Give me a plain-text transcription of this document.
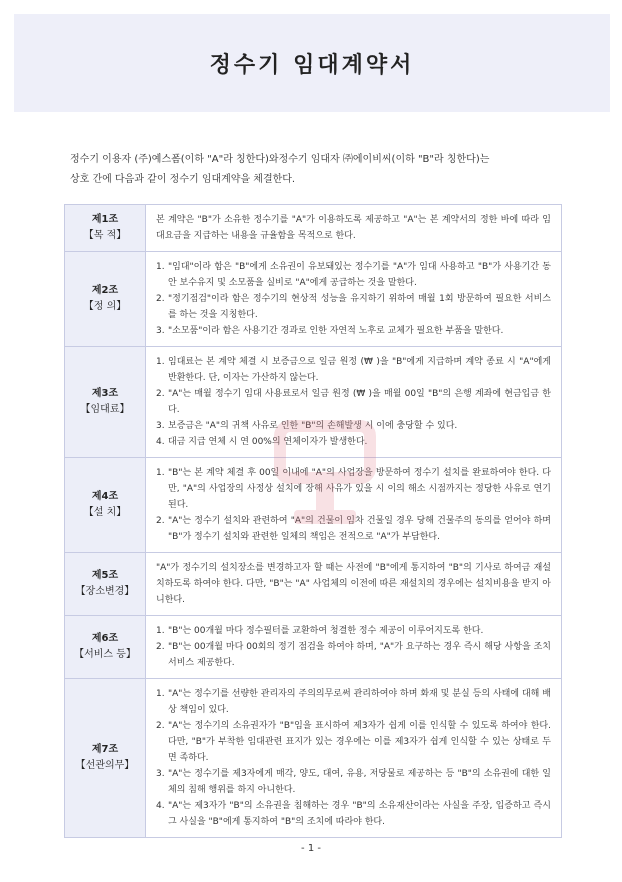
정수기 임대계약서

정수기 이용자 (주)예스폼(이하 "A"라 칭한다)와정수기 임대자 ㈜에이비씨(이하 "B"라 칭한다)는

상호 간에 다음과 같이 정수기 임대계약을 체결한다.

제1조
【목 적】

본 계약은 "B"가 소유한 정수기를 "A"가 이용하도록 제공하고 "A"는 본 계약서의 정한 바에 따라 임대요금을 지급하는 내용을 규율함을 목적으로 한다.

제2조
【정 의】
1. "임대"이라 함은 "B"에게 소유권이 유보돼있는 정수기를 "A"가 임대 사용하고 "B"가 사용기간 동안 보수유지 및 소모품을 실비로 "A"에게 공급하는 것을 말한다.
2. "정기점검"이라 함은 정수기의 현상적 성능을 유지하기 위하여 매월 1회 방문하여 필요한 서비스를 하는 것을 지칭한다.
3. "소모품"이라 함은 사용기간 경과로 인한 자연적 노후로 교체가 필요한 부품을 말한다.
제3조
【임대료】
1. 임대료는 본 계약 체결 시 보증금으로 일금 원정 (₩ )을 "B"에게 지급하며 계약 종료 시 "A"에게 반환한다. 단, 이자는 가산하지 않는다.
2. "A"는 매월 정수기 임대 사용료로서 일금 원정 (₩ )을 매월 00일 "B"의 은행 계좌에 현금입금 한다.
3. 보증금은 "A"의 귀책 사유로 인한 "B"의 손해발생 시 이에 충당할 수 있다.
4. 대금 지급 연체 시 연 00%의 연체이자가 발생한다.
제4조
【설 치】
1. "B"는 본 계약 체결 후 00일 이내에 "A"의 사업장을 방문하여 정수기 설치를 완료하여야 한다. 다만, "A"의 사업장의 사정상 설치에 장해 사유가 있을 시 이의 해소 시점까지는 정당한 사유로 연기된다.
2. "A"는 정수기 설치와 관련하여 "A"의 건물이 임차 건물일 경우 당해 건물주의 동의를 얻어야 하며 "B"가 정수기 설치와 관련한 일체의 책임은 전적으로 "A"가 부담한다.
제5조
【장소변경】

"A"가 정수기의 설치장소를 변경하고자 할 때는 사전에 "B"에게 통지하여 "B"의 기사로 하여금 재설치하도록 하여야 한다. 다만, "B"는 "A" 사업체의 이전에 따른 재설치의 경우에는 설치비용을 받지 아니한다.

제6조
【서비스 등】
1. "B"는 00개월 마다 정수필터를 교환하여 청결한 정수 제공이 이루어지도록 한다.
2. "B"는 00개월 마다 00회의 정기 점검을 하여야 하며, "A"가 요구하는 경우 즉시 해당 사항을 조치 서비스 제공한다.
제7조
【선관의무】
1. "A"는 정수기를 선량한 관리자의 주의의무로써 관리하여야 하며 화재 및 분실 등의 사태에 대해 배상 책임이 있다.
2. "A"는 정수기의 소유권자가 "B"임을 표시하여 제3자가 쉽게 이를 인식할 수 있도록 하여야 한다. 다만, "B"가 부착한 임대관련 표지가 있는 경우에는 이를 제3자가 쉽게 인식할 수 있는 상태로 두면 족하다.
3. "A"는 정수기를 제3자에게 매각, 양도, 대여, 유용, 저당물로 제공하는 등 "B"의 소유권에 대한 일체의 침해 행위를 하지 아니한다.
4. "A"는 제3자가 "B"의 소유권을 침해하는 경우 "B"의 소유재산이라는 사실을 주장, 입증하고 즉시 그 사실을 "B"에게 통지하여 "B"의 조치에 따라야 한다.
- 1 -
